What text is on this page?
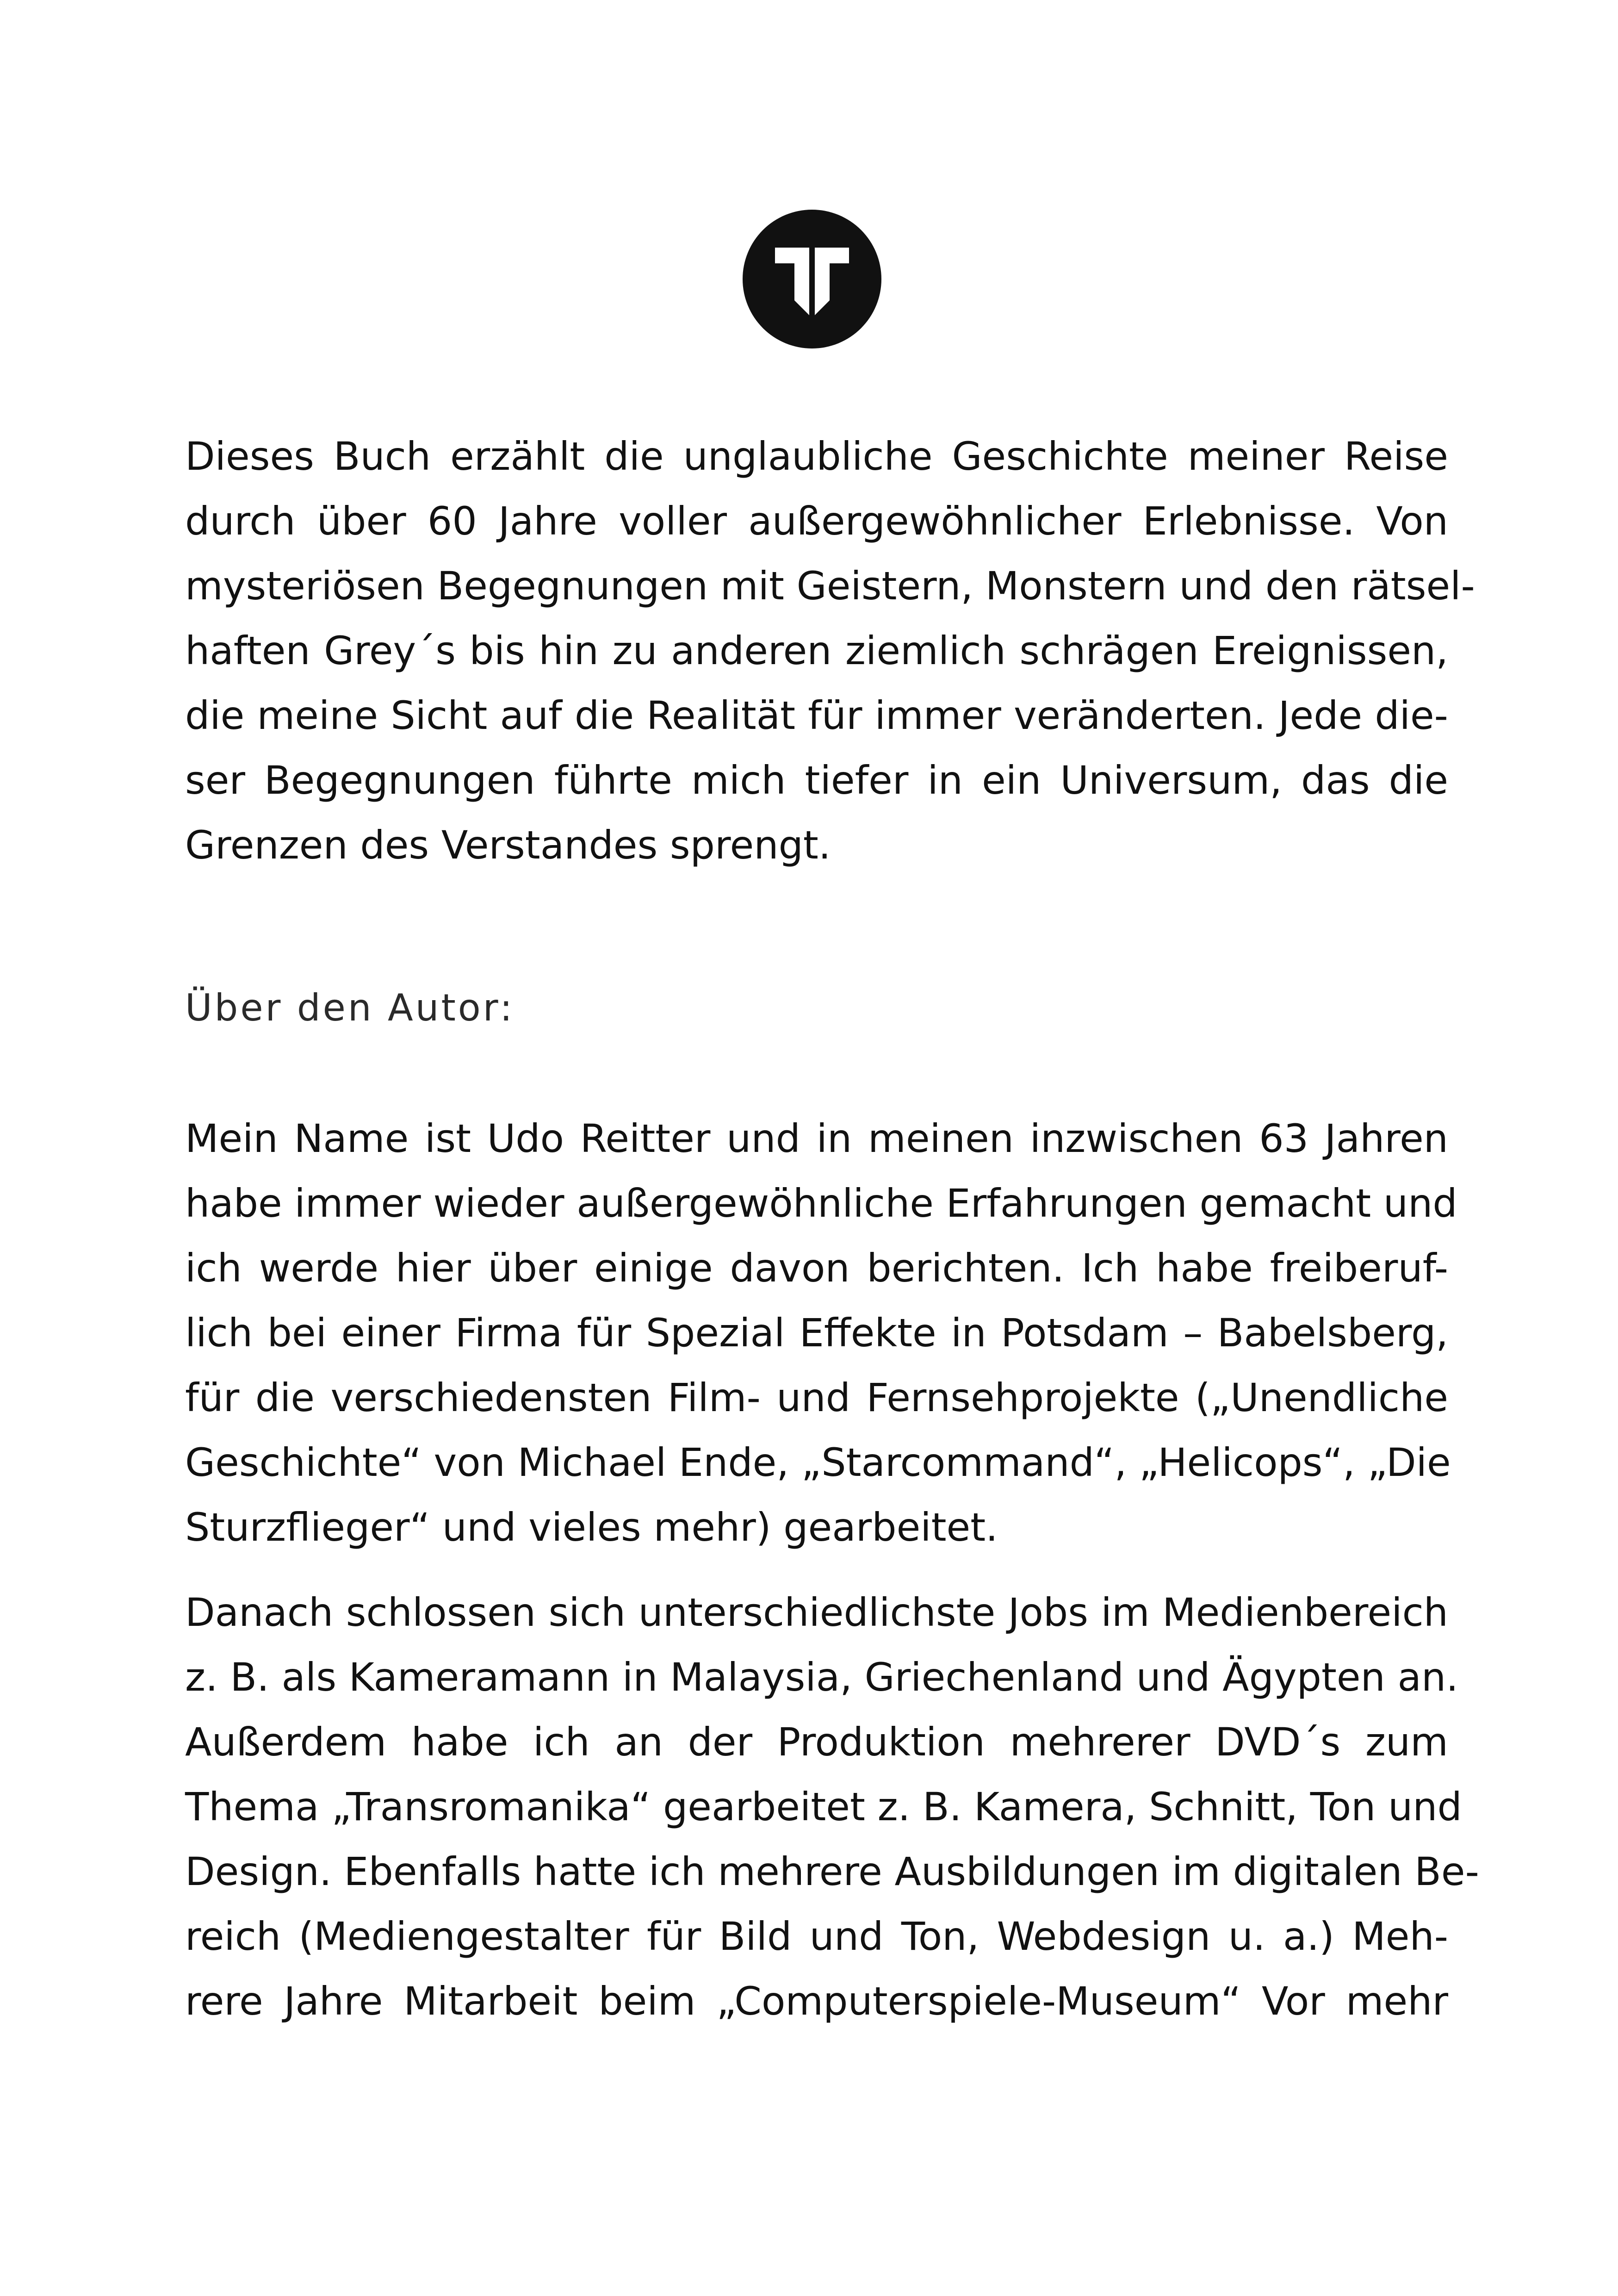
Dieses Buch erzählt die unglaubliche Geschichte meiner Reise
durch über 60 Jahre voller außergewöhnlicher Erlebnisse. Von
mysteriösen Begegnungen mit Geistern, Monstern und den rätsel-
haften Grey´s bis hin zu anderen ziemlich schrägen Ereignissen,
die meine Sicht auf die Realität für immer veränderten. Jede die-
ser Begegnungen führte mich tiefer in ein Universum, das die
Grenzen des Verstandes sprengt.
Über den Autor:
Mein Name ist Udo Reitter und in meinen inzwischen 63 Jahren
habe immer wieder außergewöhnliche Erfahrungen gemacht und
ich werde hier über einige davon berichten. Ich habe freiberuf-
lich bei einer Firma für Spezial Effekte in Potsdam – Babelsberg,
für die verschiedensten Film- und Fernsehprojekte („Unendliche
Geschichte“ von Michael Ende, „Starcommand“, „Helicops“, „Die
Sturzflieger“ und vieles mehr) gearbeitet.
Danach schlossen sich unterschiedlichste Jobs im Medienbereich
z. B. als Kameramann in Malaysia, Griechenland und Ägypten an.
Außerdem habe ich an der Produktion mehrerer DVD´s zum
Thema „Transromanika“ gearbeitet z. B. Kamera, Schnitt, Ton und
Design. Ebenfalls hatte ich mehrere Ausbildungen im digitalen Be-
reich (Mediengestalter für Bild und Ton, Webdesign u. a.) Meh-
rere Jahre Mitarbeit beim „Computerspiele-Museum“ Vor mehr
